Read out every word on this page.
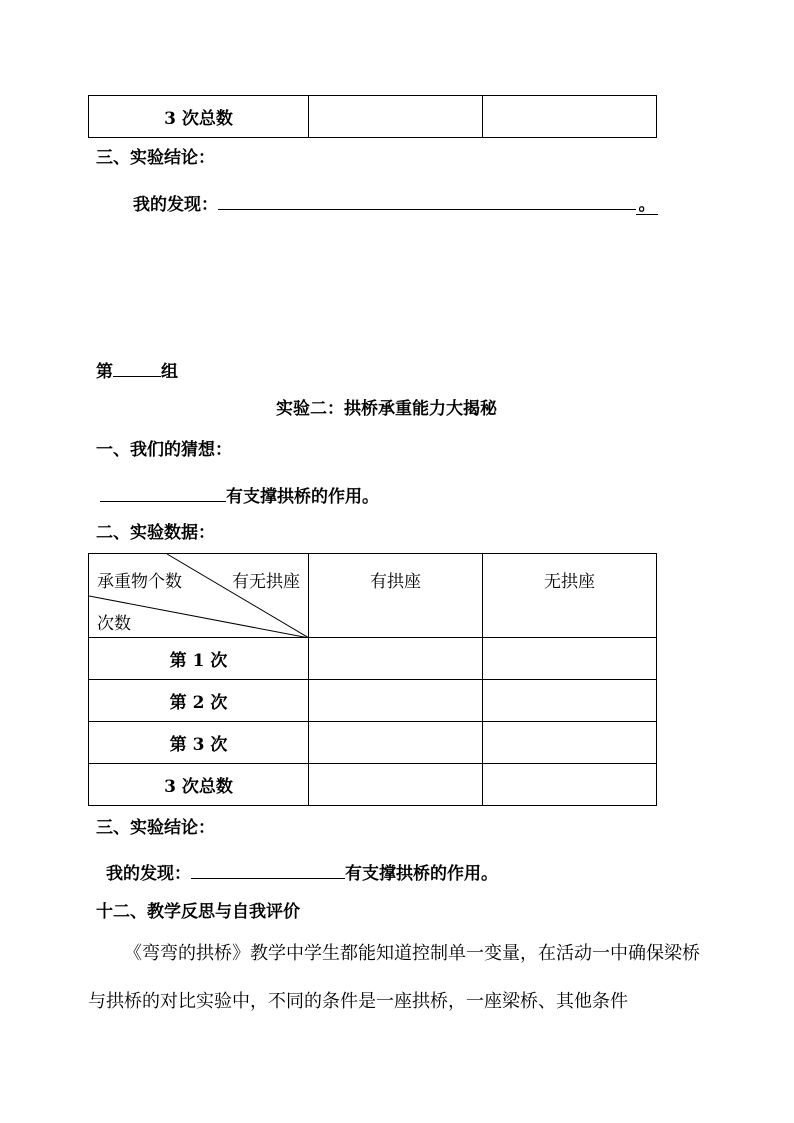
3 次总数		
三、实验结论：
我的发现：	。
第	组
实验二：拱桥承重能力大揭秘
一、我们的猜想：
有支撑拱桥的作用。
二、实验数据：
承重物个数 有无拱座
次数	有拱座	无拱座
第 1 次		
第 2 次		
第 3 次		
3 次总数		
三、实验结论：
我的发现：	有支撑拱桥的作用。
十二、教学反思与自我评价
《弯弯的拱桥》教学中学生都能知道控制单一变量，在活动一中确保梁桥与拱桥的对比实验中，不同的条件是一座拱桥，一座梁桥、其他条件
